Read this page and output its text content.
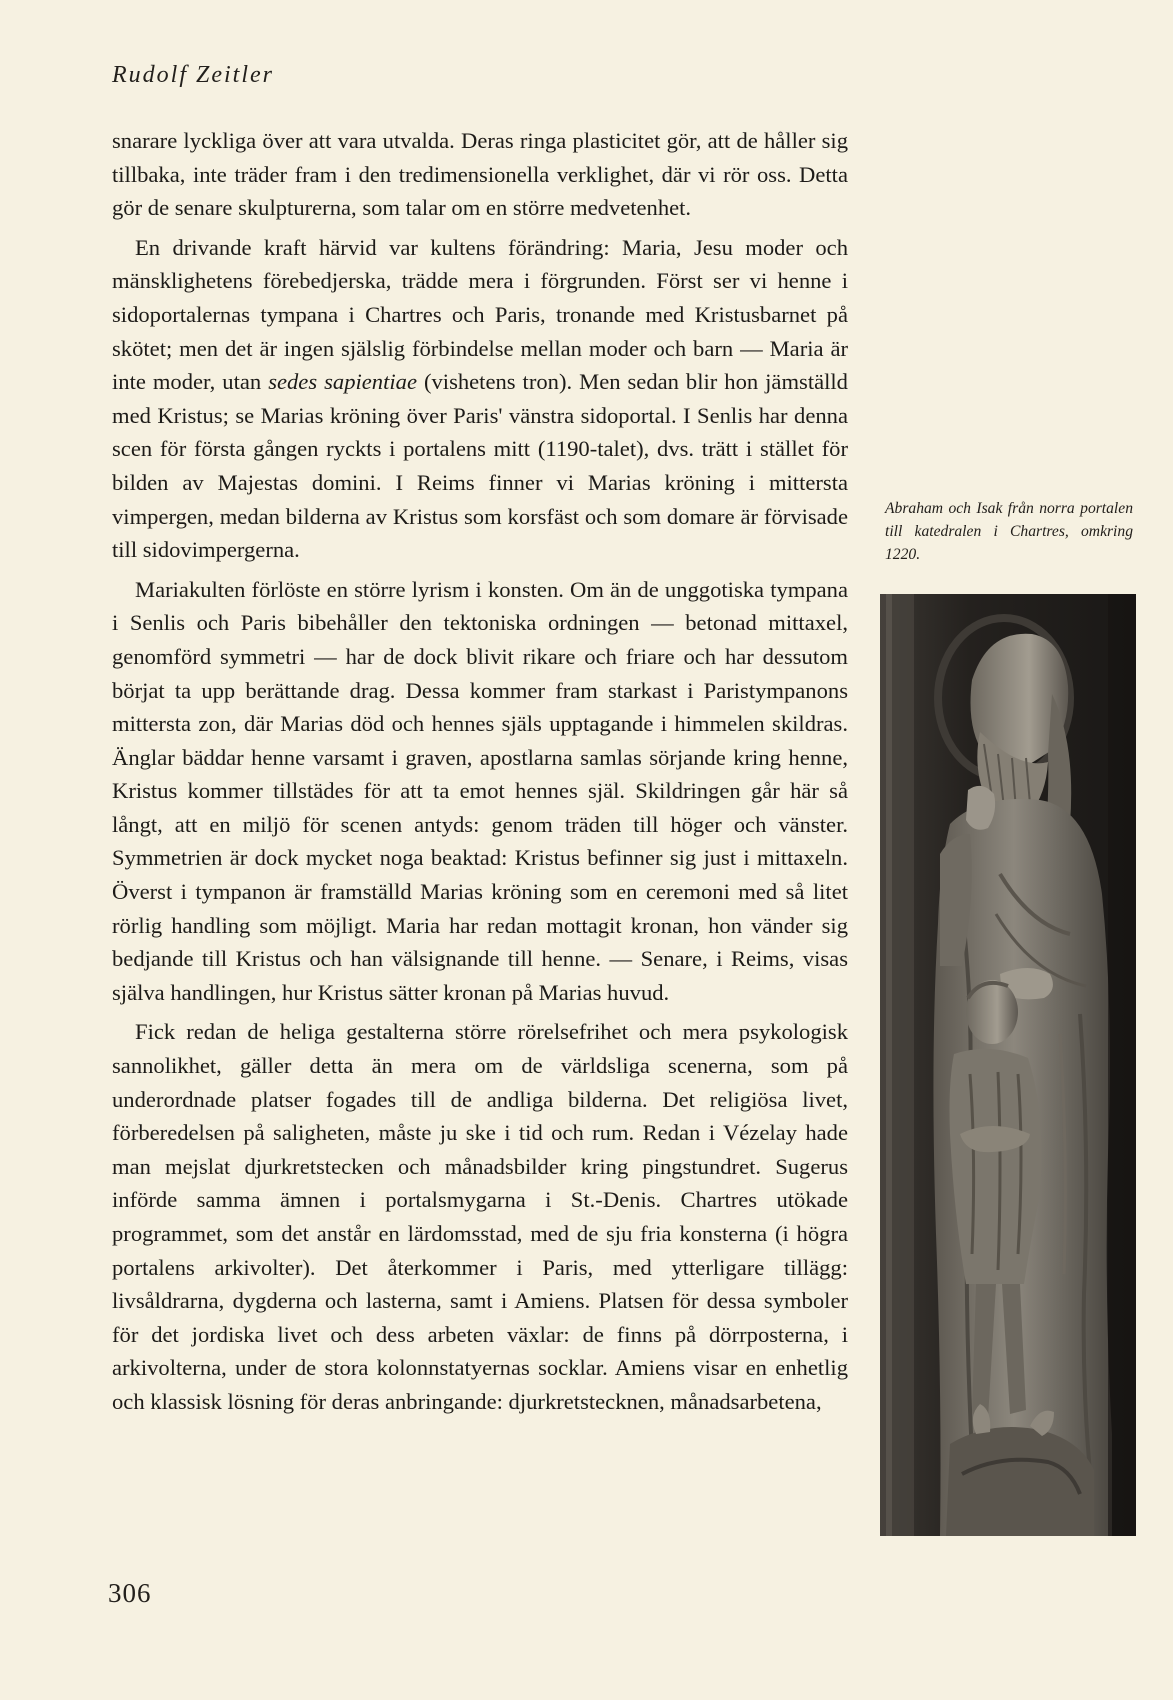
Rudolf Zeitler

snarare lyckliga över att vara utvalda. Deras ringa plasticitet gör, att de håller sig tillbaka, inte träder fram i den tredimensionella verklighet, där vi rör oss. Detta gör de senare skulpturerna, som talar om en större medvetenhet.

En drivande kraft härvid var kultens förändring: Maria, Jesu moder och mänsklighetens förebedjerska, trädde mera i förgrunden. Först ser vi henne i sidoportalernas tympana i Chartres och Paris, tronande med Kristusbarnet på skötet; men det är ingen själslig förbindelse mellan moder och barn — Maria är inte moder, utan sedes sapientiae (vishetens tron). Men sedan blir hon jämställd med Kristus; se Marias kröning över Paris' vänstra sidoportal. I Senlis har denna scen för första gången ryckts i portalens mitt (1190-talet), dvs. trätt i stället för bilden av Majestas domini. I Reims finner vi Marias kröning i mittersta vimpergen, medan bilderna av Kristus som korsfäst och som domare är förvisade till sidovimpergerna.

Mariakulten förlöste en större lyrism i konsten. Om än de unggotiska tympana i Senlis och Paris bibehåller den tektoniska ordningen — betonad mittaxel, genomförd symmetri — har de dock blivit rikare och friare och har dessutom börjat ta upp berättande drag. Dessa kommer fram starkast i Paristympanons mittersta zon, där Marias död och hennes själs upptagande i himmelen skildras. Änglar bäddar henne varsamt i graven, apostlarna samlas sörjande kring henne, Kristus kommer tillstädes för att ta emot hennes själ. Skildringen går här så långt, att en miljö för scenen antyds: genom träden till höger och vänster. Symmetrien är dock mycket noga beaktad: Kristus befinner sig just i mittaxeln. Överst i tympanon är framställd Marias kröning som en ceremoni med så litet rörlig handling som möjligt. Maria har redan mottagit kronan, hon vänder sig bedjande till Kristus och han välsignande till henne. — Senare, i Reims, visas själva handlingen, hur Kristus sätter kronan på Marias huvud.

Fick redan de heliga gestalterna större rörelsefrihet och mera psykologisk sannolikhet, gäller detta än mera om de världsliga scenerna, som på underordnade platser fogades till de andliga bilderna. Det religiösa livet, förberedelsen på saligheten, måste ju ske i tid och rum. Redan i Vézelay hade man mejslat djurkretstecken och månadsbilder kring pingstundret. Sugerus införde samma ämnen i portalsmygarna i St.-Denis. Chartres utökade programmet, som det anstår en lärdomsstad, med de sju fria konsterna (i högra portalens arkivolter). Det återkommer i Paris, med ytterligare tillägg: livsåldrarna, dygderna och lasterna, samt i Amiens. Platsen för dessa symboler för det jordiska livet och dess arbeten växlar: de finns på dörrposterna, i arkivolterna, under de stora kolonnstatyernas socklar. Amiens visar en enhetlig och klassisk lösning för deras anbringande: djurkretstecknen, månadsarbetena,

Abraham och Isak från norra portalen till katedralen i Chartres, omkring 1220.
306
